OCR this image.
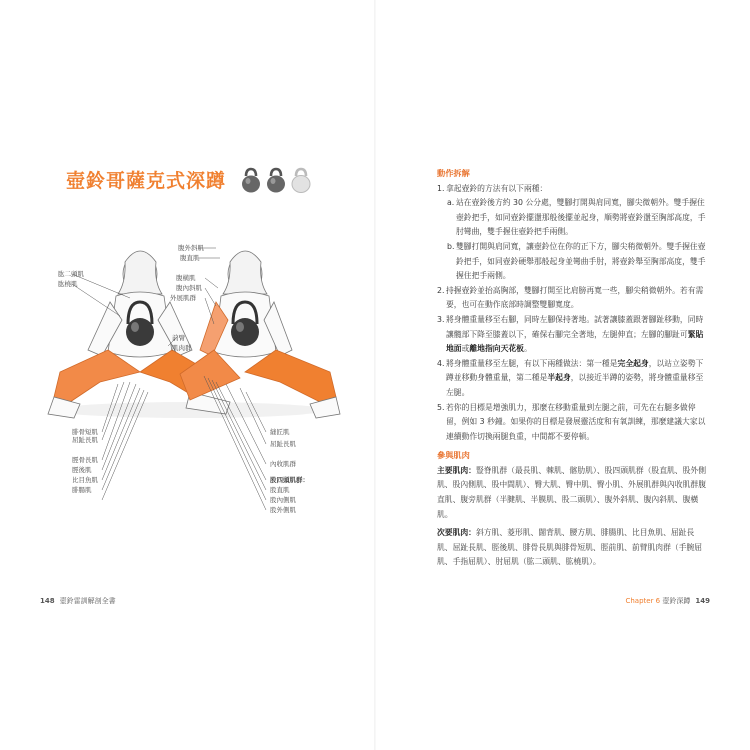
壺鈴哥薩克式深蹲
肱二頭肌
肱橈肌
腹外斜肌
腹直肌
腹橫肌
腹內斜肌
外展肌群
前臂
肌肉群
腓骨短肌
屈趾長肌
脛骨長肌
脛後肌
比目魚肌
腓腸肌
縫匠肌
屈趾長肌
內收肌群
股四頭肌群：
股直肌
股內側肌
股外側肌
148 壺鈴雷訓解剖全書
動作拆解
1. 拿起壺鈴的方法有以下兩種：
a. 站在壺鈴後方約 30 公分處，雙腳打開與肩同寬，腳尖微朝外。雙手握住壺鈴把手，如同壺鈴擺盪那般後擺並起身，順勢將壺鈴盪至胸部高度，手肘彎曲，雙手握住壺鈴把手兩側。
b. 雙腳打開與肩同寬，讓壺鈴位在你的正下方，腳尖稍微朝外。雙手握住壺鈴把手，如同壺鈴硬舉那般起身並彎曲手肘，將壺鈴舉至胸部高度，雙手握住把手兩側。
2. 持握壺鈴並抬高胸部，雙腳打開至比肩膀再寬一些，腳尖稍微朝外。若有需要，也可在動作底部時調整雙腳寬度。
3. 將身體重量移至右腳，同時左腳保持著地。試著讓膝蓋跟著腳趾移動，同時讓髖部下降至膝蓋以下，確保右腳完全著地，左腿伸直；左腳的腳趾可緊貼地面或離地指向天花板。
4. 將身體重量移至左腿，有以下兩種做法：第一種是完全起身，以站立姿勢下蹲並移動身體重量，第二種是半起身，以接近半蹲的姿勢，將身體重量移至左腿。
5. 若你的目標是增強肌力，那麼在移動重量到左腿之前，可先在右腿多做停留，例如 3 秒鐘。如果你的目標是發展靈活度和有氧訓練，那麼建議大家以連續動作切換兩腿負重，中間都不要停頓。
參與肌肉
主要肌肉：豎脊肌群（最長肌、棘肌、髂肋肌）、股四頭肌群（股直肌、股外側肌、股內側肌、股中間肌）、臀大肌、臀中肌、臀小肌、外展肌群與內收肌群腹直肌、腹旁肌群（半腱肌、半膜肌、股二頭肌）、腹外斜肌、腹內斜肌、腹橫肌。
次要肌肉：斜方肌、菱形肌、闊背肌、腰方肌、腓腸肌、比目魚肌、屈趾長肌、屈趾長肌、脛後肌、腓骨長肌與腓骨短肌、脛前肌、前臂肌肉群（手腕屈肌、手指屈肌）、肘屈肌（肱二頭肌、肱橈肌）。
Chapter 6 壺鈴深蹲 149
